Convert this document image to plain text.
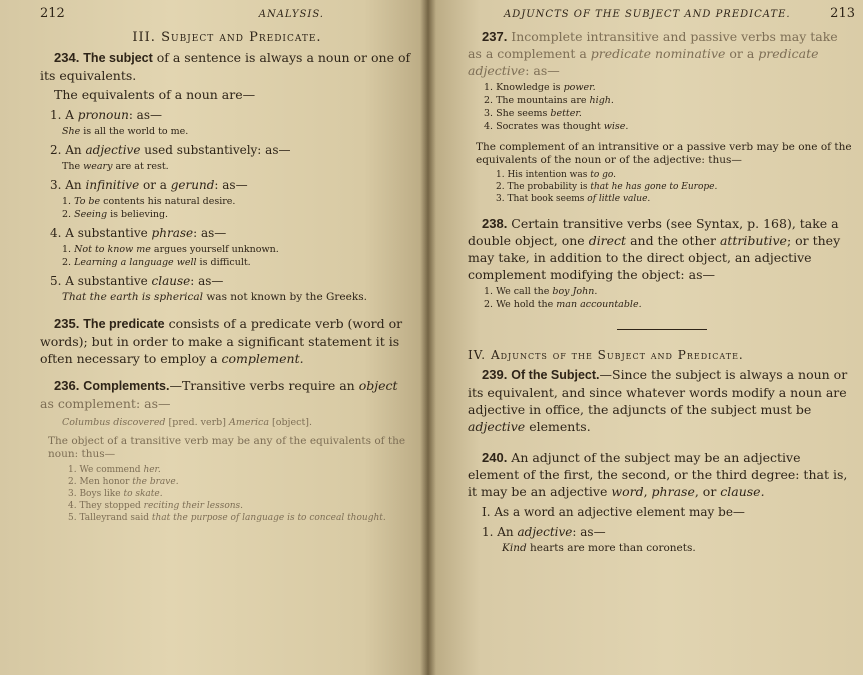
212	ANALYSIS.
III. Subject and Predicate.

234. The subject of a sentence is always a noun or one of its equivalents.

The equivalents of a noun are—

1. A pronoun: as—

She is all the world to me.

2. An adjective used substantively: as—

The weary are at rest.

3. An infinitive or a gerund: as—

1. To be contents his natural desire.

2. Seeing is believing.

4. A substantive phrase: as—

1. Not to know me argues yourself unknown.

2. Learning a language well is difficult.

5. A substantive clause: as—

That the earth is spherical was not known by the Greeks.

235. The predicate consists of a predicate verb (word or words); but in order to make a significant statement it is often necessary to employ a complement.

236. Complements.—Transitive verbs require an object as complement: as—

Columbus discovered [pred. verb] America [object].

The object of a transitive verb may be any of the equivalents of the noun: thus—

1. We commend her.

2. Men honor the brave.

3. Boys like to skate.

4. They stopped reciting their lessons.

5. Talleyrand said that the purpose of language is to conceal thought.

ADJUNCTS OF THE SUBJECT AND PREDICATE.	213

237. Incomplete intransitive and passive verbs may take as a complement a predicate nominative or a predicate adjective: as—

1. Knowledge is power.

2. The mountains are high.

3. She seems better.

4. Socrates was thought wise.

The complement of an intransitive or a passive verb may be one of the equivalents of the noun or of the adjective: thus—

1. His intention was to go.

2. The probability is that he has gone to Europe.

3. That book seems of little value.

238. Certain transitive verbs (see Syntax, p. 168), take a double object, one direct and the other attributive; or they may take, in addition to the direct object, an adjective complement modifying the object: as—

1. We call the boy John.

2. We hold the man accountable.

IV. Adjuncts of the Subject and Predicate.

239. Of the Subject.—Since the subject is always a noun or its equivalent, and since whatever words modify a noun are adjective in office, the adjuncts of the subject must be adjective elements.

240. An adjunct of the subject may be an adjective element of the first, the second, or the third degree: that is, it may be an adjective word, phrase, or clause.

I. As a word an adjective element may be—

1. An adjective: as—

Kind hearts are more than coronets.
